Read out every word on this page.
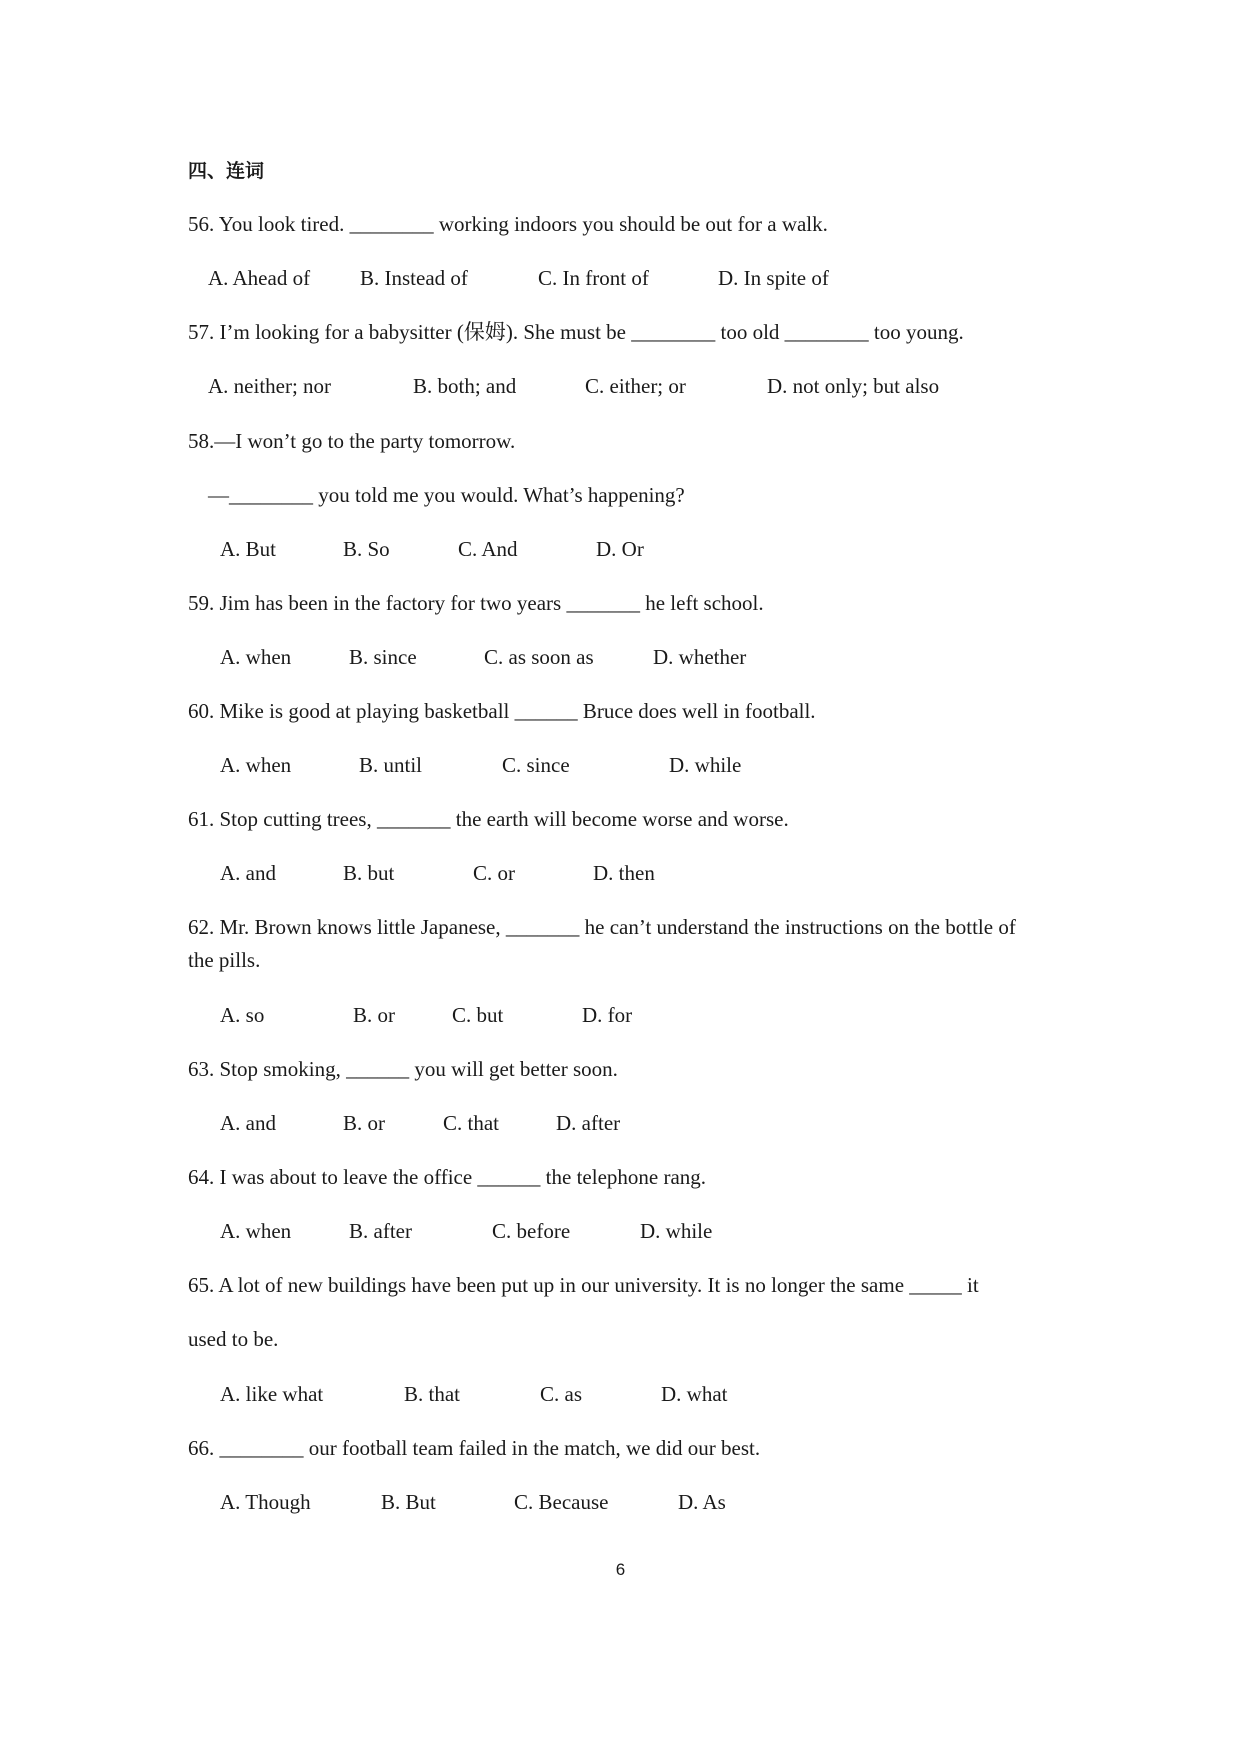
四、连词
56. You look tired. ________ working indoors you should be out for a walk.
A. Ahead of B. Instead of	C. In front of	D. In spite of
57. I’m looking for a babysitter (保姆). She must be ________ too old ________ too young.
A. neither; nor	B. both; and	C. either; or	D. not only; but also
58.—I won’t go to the party tomorrow.
—________ you told me you would. What’s happening?
A. But	B. So	C. And	D. Or
59. Jim has been in the factory for two years _______ he left school.
A. when	B. since	C. as soon as	D. whether
60. Mike is good at playing basketball ______ Bruce does well in football.
A. when	B. until	C. since	D. while
61. Stop cutting trees, _______ the earth will become worse and worse.
A. and	B. but	C. or	D. then
62. Mr. Brown knows little Japanese, _______ he can’t understand the instructions on the bottle of
the pills.
A. so	B. or	C. but	D. for
63. Stop smoking, ______ you will get better soon.
A. and	B. or	C. that	D. after
64. I was about to leave the office ______ the telephone rang.
A. when	B. after	C. before	D. while
65. A lot of new buildings have been put up in our university. It is no longer the same _____ it
used to be.
A. like what	B. that	C. as	D. what
66. ________ our football team failed in the match, we did our best.
A. Though	B. But	C. Because	D. As
6
